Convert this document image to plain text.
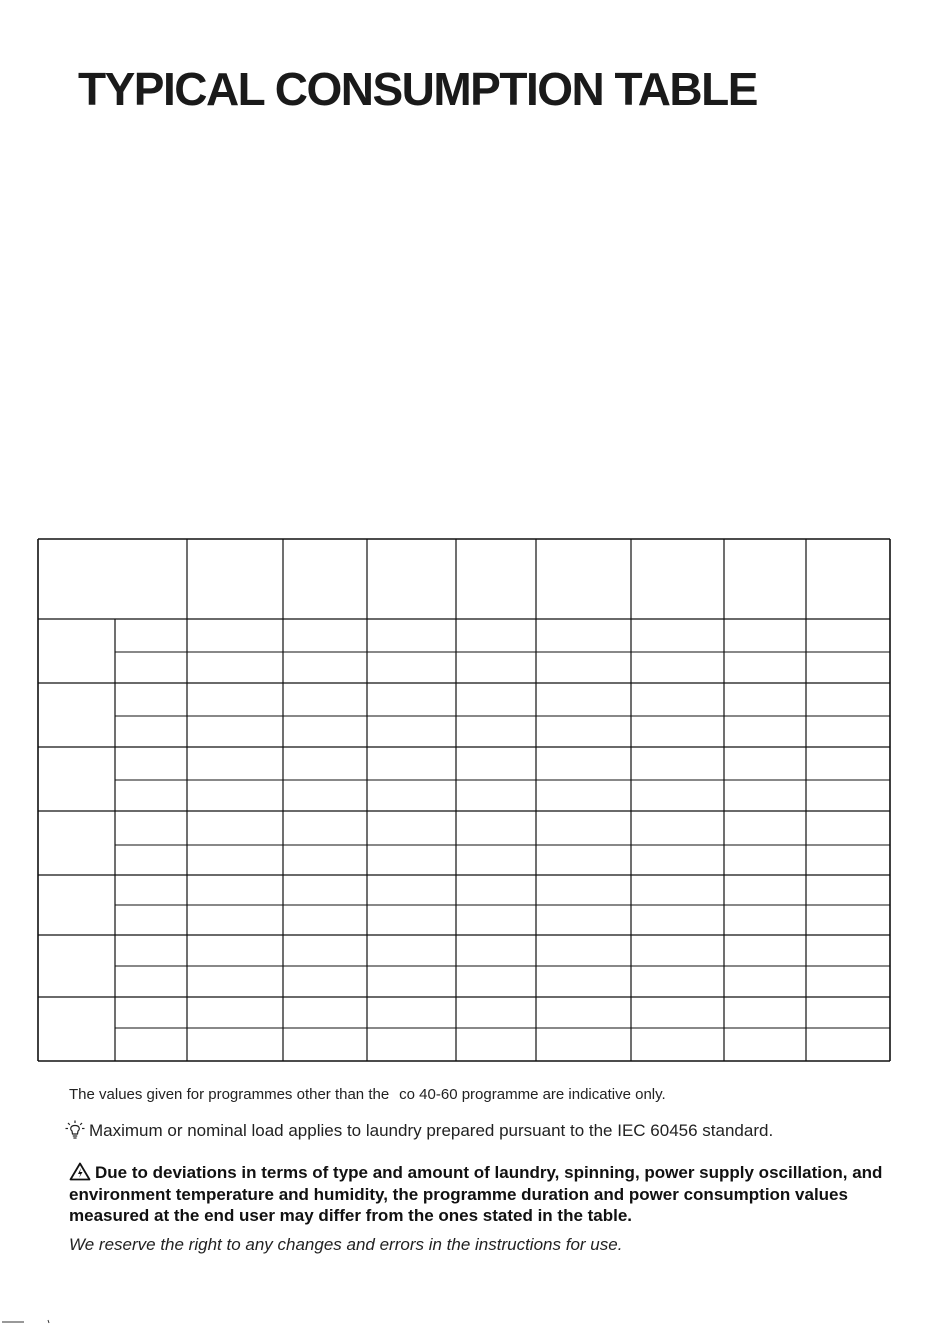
TYPICAL CONSUMPTION TABLE
The values given for programmes other than the co 40-60 programme are indicative only.
Maximum or nominal load applies to laundry prepared pursuant to the IEC 60456 standard.
Due to deviations in terms of type and amount of laundry, spinning, power supply oscillation, and environment temperature and humidity, the programme duration and power consumption values measured at the end user may differ from the ones stated in the table.
We reserve the right to any changes and errors in the instructions for use.
